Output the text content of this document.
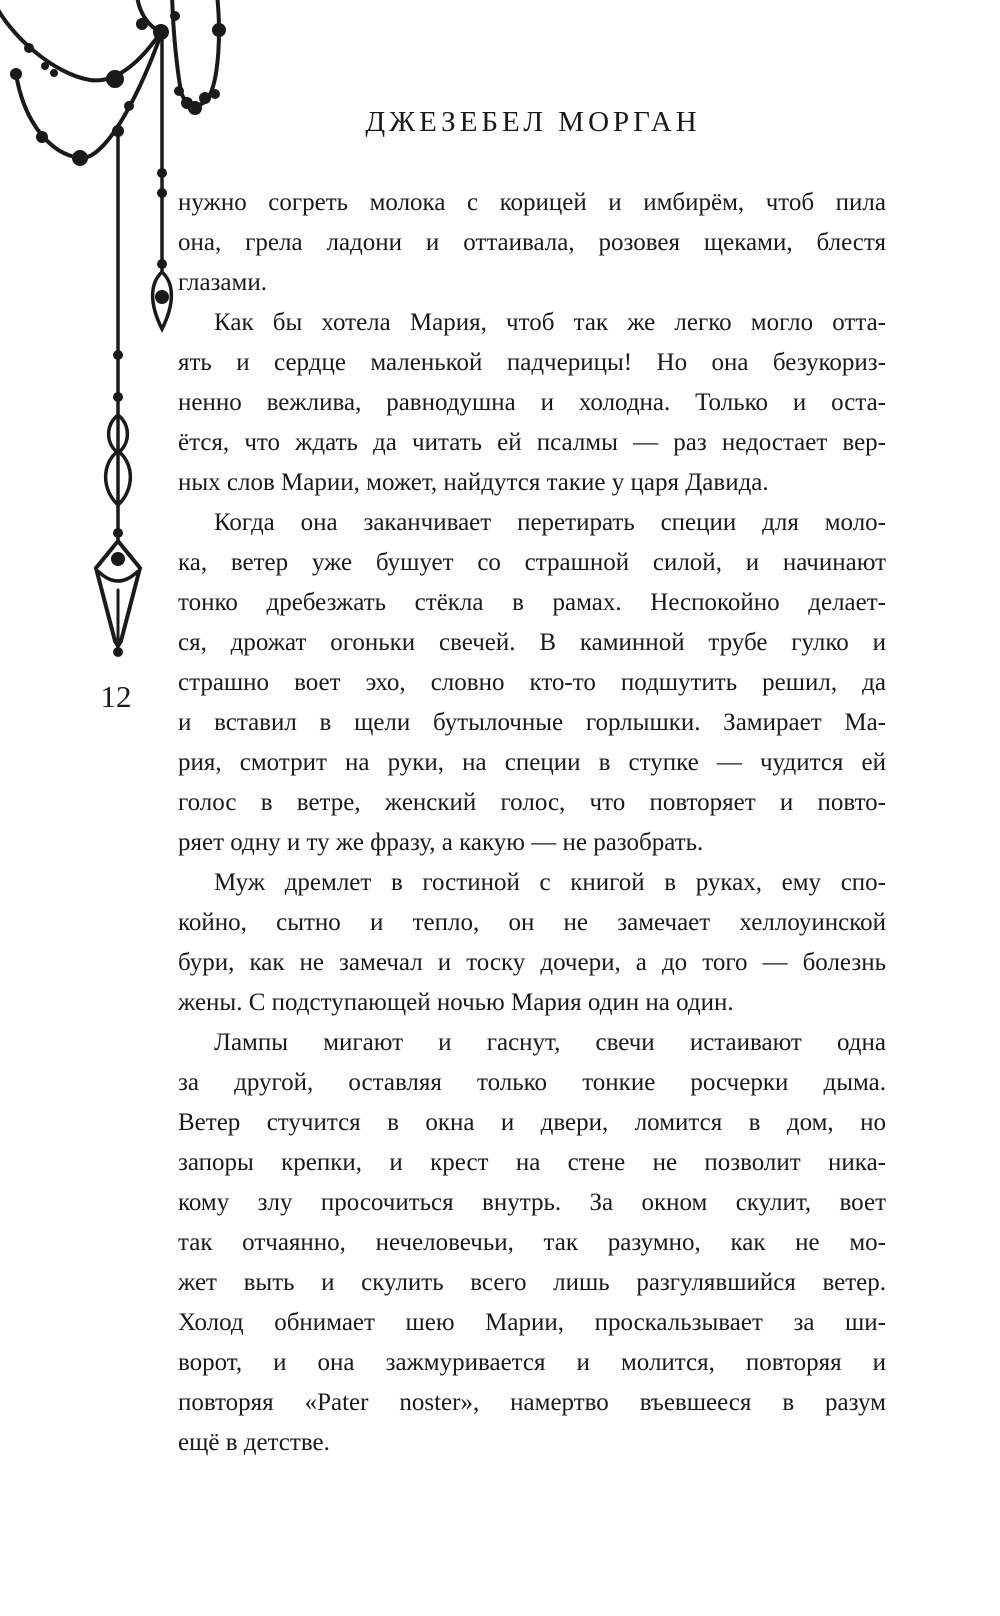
ДЖЕЗЕБЕЛ МОРГАН
12
нужно согреть молока с корицей и имбирём, чтоб пила
она, грела ладони и оттаивала, розовея щеками, блестя
глазами.
Как бы хотела Мария, чтоб так же легко могло отта-
ять и сердце маленькой падчерицы! Но она безукориз-
ненно вежлива, равнодушна и холодна. Только и оста-
ётся, что ждать да читать ей псалмы — раз недостает вер-
ных слов Марии, может, найдутся такие у царя Давида.
Когда она заканчивает перетирать специи для моло-
ка, ветер уже бушует со страшной силой, и начинают
тонко дребезжать стёкла в рамах. Неспокойно делает-
ся, дрожат огоньки свечей. В каминной трубе гулко и
страшно воет эхо, словно кто-то подшутить решил, да
и вставил в щели бутылочные горлышки. Замирает Ма-
рия, смотрит на руки, на специи в ступке — чудится ей
голос в ветре, женский голос, что повторяет и повто-
ряет одну и ту же фразу, а какую — не разобрать.
Муж дремлет в гостиной с книгой в руках, ему спо-
койно, сытно и тепло, он не замечает хеллоуинской
бури, как не замечал и тоску дочери, а до того — болезнь
жены. С подступающей ночью Мария один на один.
Лампы мигают и гаснут, свечи истаивают одна
за другой, оставляя только тонкие росчерки дыма.
Ветер стучится в окна и двери, ломится в дом, но
запоры крепки, и крест на стене не позволит ника-
кому злу просочиться внутрь. За окном скулит, воет
так отчаянно, нечеловечьи, так разумно, как не мо-
жет выть и скулить всего лишь разгулявшийся ветер.
Холод обнимает шею Марии, проскальзывает за ши-
ворот, и она зажмуривается и молится, повторяя и
повторяя «Pater noster», намертво въевшееся в разум
ещё в детстве.
